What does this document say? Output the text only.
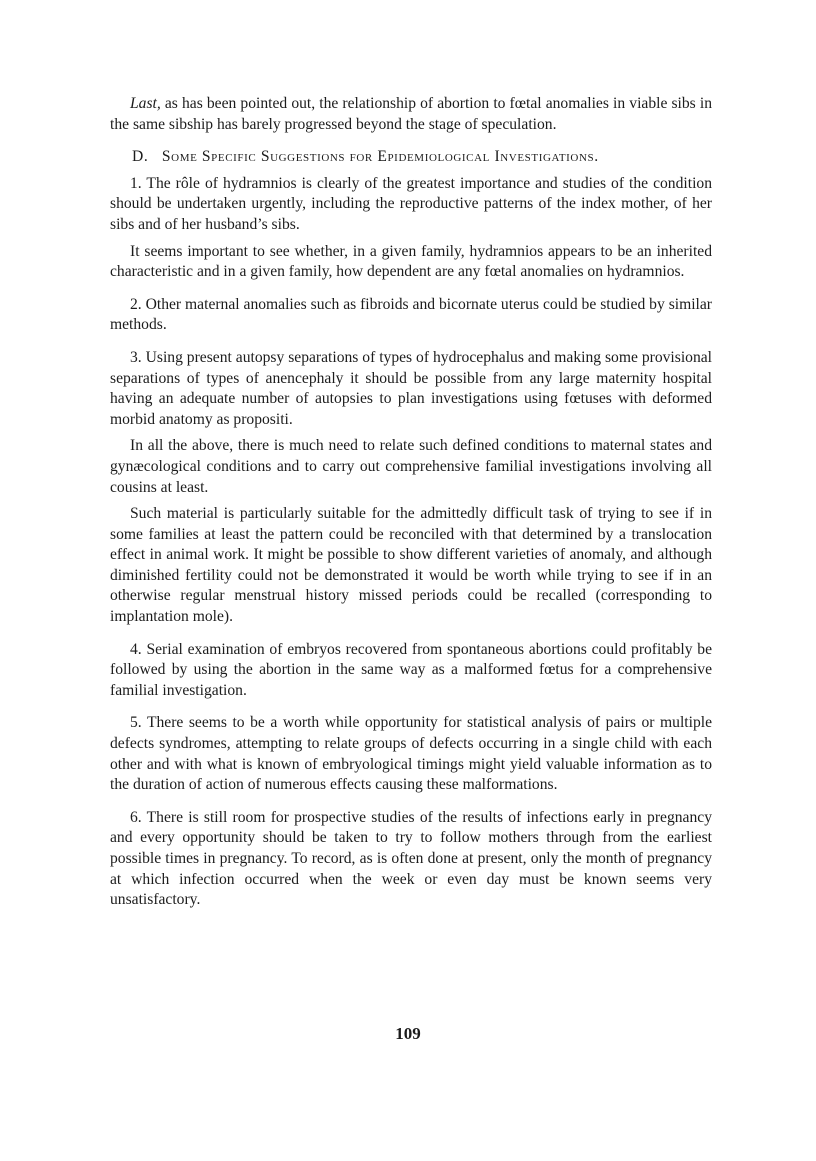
Last, as has been pointed out, the relationship of abortion to fœtal anomalies in viable sibs in the same sibship has barely progressed beyond the stage of speculation.

D. Some Specific Suggestions for Epidemiological Investigations.

1. The rôle of hydramnios is clearly of the greatest importance and studies of the condition should be undertaken urgently, including the reproductive patterns of the index mother, of her sibs and of her husband’s sibs.

It seems important to see whether, in a given family, hydramnios appears to be an inherited characteristic and in a given family, how dependent are any fœtal anomalies on hydramnios.

2. Other maternal anomalies such as fibroids and bicornate uterus could be studied by similar methods.

3. Using present autopsy separations of types of hydrocephalus and making some provisional separations of types of anencephaly it should be possible from any large maternity hospital having an adequate number of autopsies to plan investigations using fœtuses with deformed morbid anatomy as propositi.

In all the above, there is much need to relate such defined conditions to maternal states and gynæcological conditions and to carry out comprehensive familial investigations involving all cousins at least.

Such material is particularly suitable for the admittedly difficult task of trying to see if in some families at least the pattern could be reconciled with that determined by a translocation effect in animal work. It might be possible to show different varieties of anomaly, and although diminished fertility could not be demonstrated it would be worth while trying to see if in an otherwise regular menstrual history missed periods could be recalled (corresponding to implantation mole).

4. Serial examination of embryos recovered from spontaneous abortions could profitably be followed by using the abortion in the same way as a malformed fœtus for a comprehensive familial investigation.

5. There seems to be a worth while opportunity for statistical analysis of pairs or multiple defects syndromes, attempting to relate groups of defects occurring in a single child with each other and with what is known of embryological timings might yield valuable information as to the duration of action of numerous effects causing these malformations.

6. There is still room for prospective studies of the results of infections early in pregnancy and every opportunity should be taken to try to follow mothers through from the earliest possible times in pregnancy. To record, as is often done at present, only the month of pregnancy at which infection occurred when the week or even day must be known seems very unsatisfactory.

109
